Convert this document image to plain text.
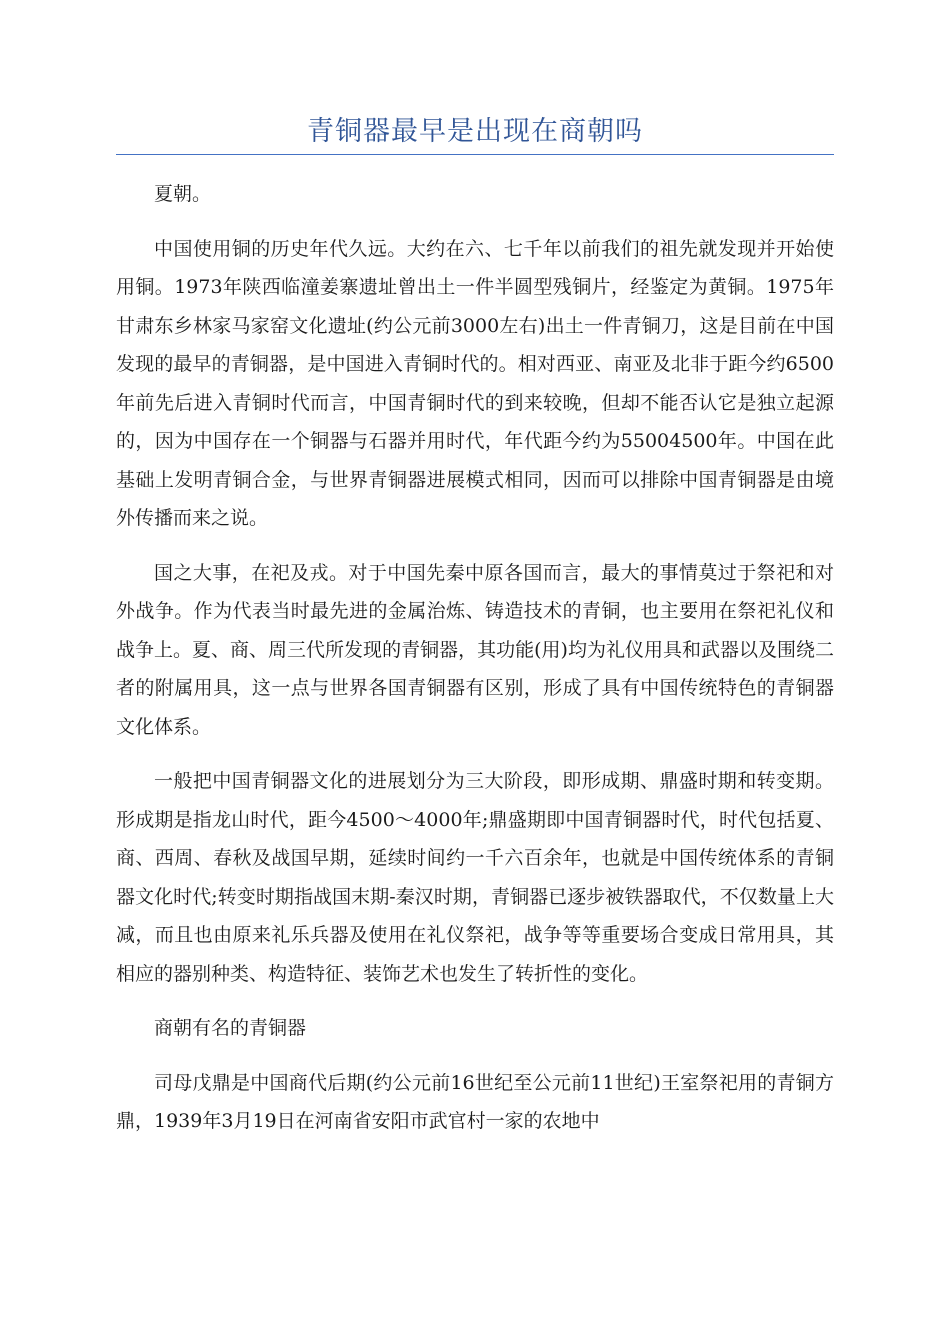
青铜器最早是出现在商朝吗

夏朝。

中国使用铜的历史年代久远。大约在六、七千年以前我们的祖先就发现并开始使用铜。1973年陕西临潼姜寨遗址曾出土一件半圆型残铜片，经鉴定为黄铜。1975年甘肃东乡林家马家窑文化遗址(约公元前3000左右)出土一件青铜刀，这是目前在中国发现的最早的青铜器，是中国进入青铜时代的。相对西亚、南亚及北非于距今约6500年前先后进入青铜时代而言，中国青铜时代的到来较晚，但却不能否认它是独立起源的，因为中国存在一个铜器与石器并用时代，年代距今约为55004500年。中国在此基础上发明青铜合金，与世界青铜器进展模式相同，因而可以排除中国青铜器是由境外传播而来之说。

国之大事，在祀及戎。对于中国先秦中原各国而言，最大的事情莫过于祭祀和对外战争。作为代表当时最先进的金属治炼、铸造技术的青铜，也主要用在祭祀礼仪和战争上。夏、商、周三代所发现的青铜器，其功能(用)均为礼仪用具和武器以及围绕二者的附属用具，这一点与世界各国青铜器有区别，形成了具有中国传统特色的青铜器文化体系。

一般把中国青铜器文化的进展划分为三大阶段，即形成期、鼎盛时期和转变期。形成期是指龙山时代，距今4500～4000年;鼎盛期即中国青铜器时代，时代包括夏、商、西周、春秋及战国早期，延续时间约一千六百余年，也就是中国传统体系的青铜器文化时代;转变时期指战国末期-秦汉时期，青铜器已逐步被铁器取代，不仅数量上大减，而且也由原来礼乐兵器及使用在礼仪祭祀，战争等等重要场合变成日常用具，其相应的器别种类、构造特征、装饰艺术也发生了转折性的变化。

商朝有名的青铜器

司母戊鼎是中国商代后期(约公元前16世纪至公元前11世纪)王室祭祀用的青铜方鼎，1939年3月19日在河南省安阳市武官村一家的农地中
